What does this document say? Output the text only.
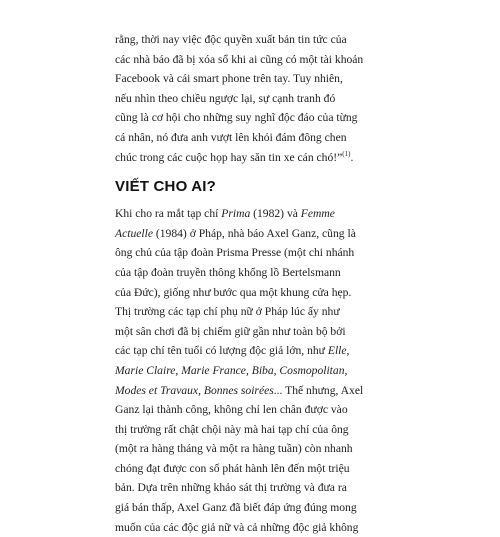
rằng, thời nay việc độc quyền xuất bản tin tức của
các nhà báo đã bị xóa sổ khi ai cũng có một tài khoản
Facebook và cái smart phone trên tay. Tuy nhiên,
nếu nhìn theo chiều ngược lại, sự cạnh tranh đó
cũng là cơ hội cho những suy nghĩ độc đáo của từng
cá nhân, nó đưa anh vượt lên khỏi đám đông chen
chúc trong các cuộc họp hay săn tin xe cán chó!”$^{(1)}$.
VIẾT CHO AI?
Khi cho ra mắt tạp chí Prima (1982) và Femme
Actuelle (1984) ở Pháp, nhà báo Axel Ganz, cũng là
ông chủ của tập đoàn Prisma Presse (một chi nhánh
của tập đoàn truyền thông khổng lồ Bertelsmann
của Đức), giống như bước qua một khung cửa hẹp.
Thị trường các tạp chí phụ nữ ở Pháp lúc ấy như
một sân chơi đã bị chiếm giữ gần như toàn bộ bởi
các tạp chí tên tuổi có lượng độc giả lớn, như Elle,
Marie Claire, Marie France, Biba, Cosmopolitan,
Modes et Travaux, Bonnes soirées... Thế nhưng, Axel
Ganz lại thành công, không chỉ len chân được vào
thị trường rất chật chội này mà hai tạp chí của ông
(một ra hàng tháng và một ra hàng tuần) còn nhanh
chóng đạt được con số phát hành lên đến một triệu
bản. Dựa trên những khảo sát thị trường và đưa ra
giá bán thấp, Axel Ganz đã biết đáp ứng đúng mong
muốn của các độc giả nữ và cả những độc giả không
